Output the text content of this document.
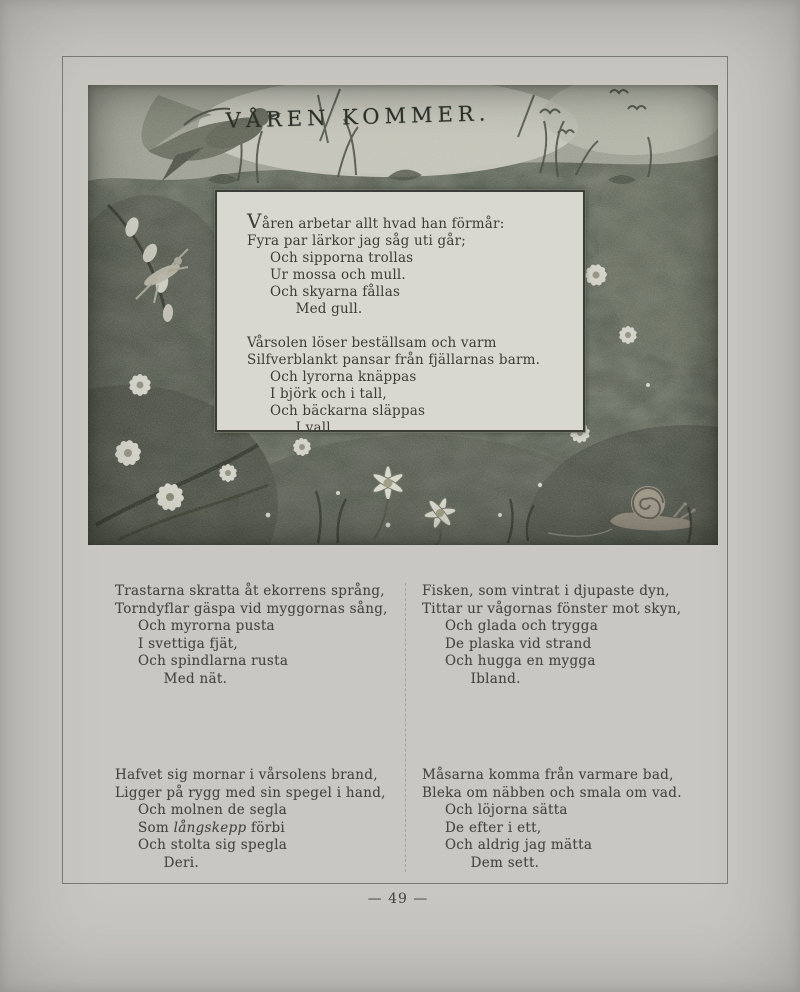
VÅREN KOMMER.
Våren arbetar allt hvad han förmår:
Fyra par lärkor jag såg uti går;
Och sipporna trollas
Ur mossa och mull.
Och skyarna fållas
Med gull.
Vårsolen löser beställsam och varm
Silfverblankt pansar från fjällarnas barm.
Och lyrorna knäppas
I björk och i tall,
Och bäckarna släppas
I vall.
Trastarna skratta åt ekorrens språng,
Torndyflar gäspa vid myggornas sång,
Och myrorna pusta
I svettiga fjät,
Och spindlarna rusta
Med nät.
Hafvet sig mornar i vårsolens brand,
Ligger på rygg med sin spegel i hand,
Och molnen de segla
Som långskepp förbi
Och stolta sig spegla
Deri.
Fisken, som vintrat i djupaste dyn,
Tittar ur vågornas fönster mot skyn,
Och glada och trygga
De plaska vid strand
Och hugga en mygga
Ibland.
Måsarna komma från varmare bad,
Bleka om näbben och smala om vad.
Och löjorna sätta
De efter i ett,
Och aldrig jag mätta
Dem sett.
— 49 —
